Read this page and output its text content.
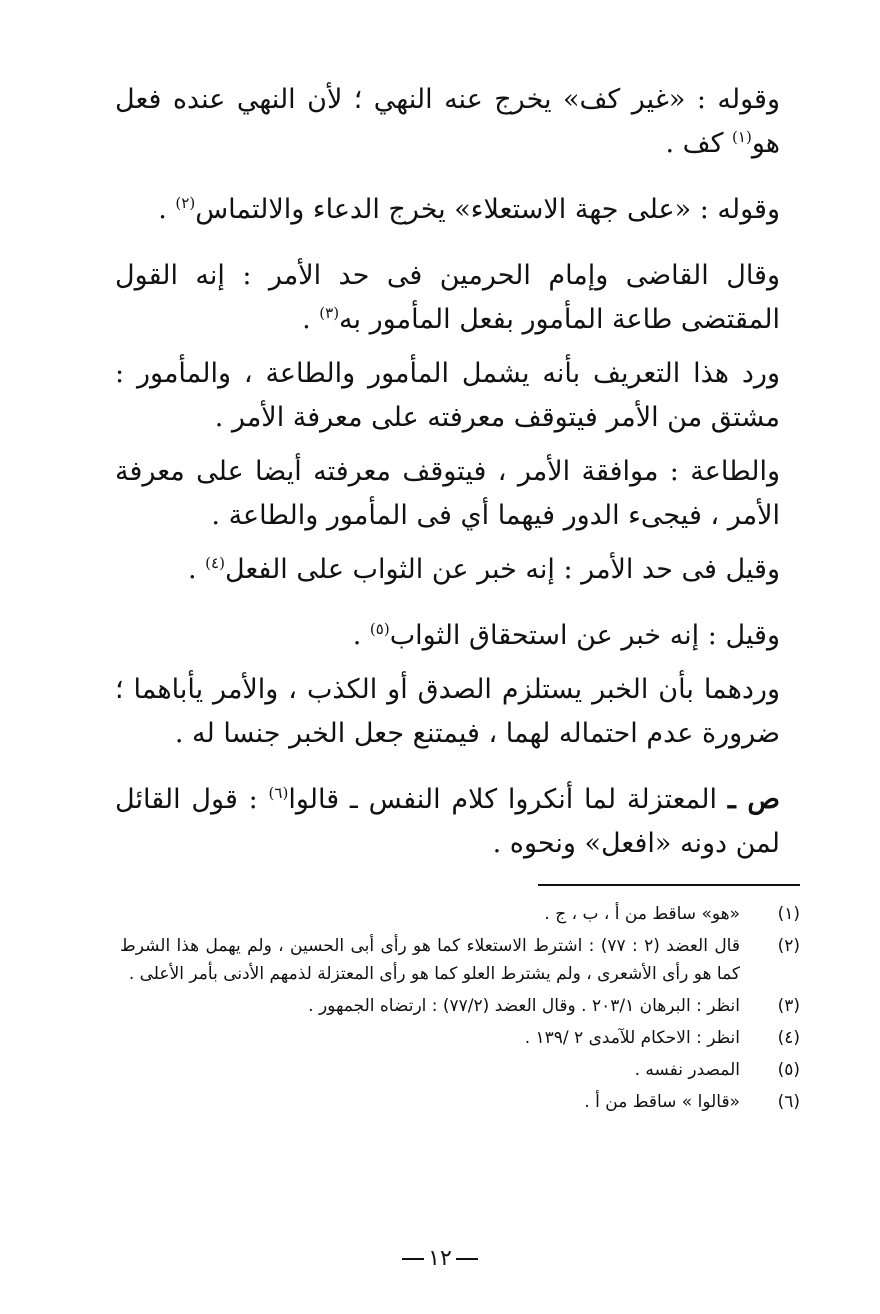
وقوله : «غير كف» يخرج عنه النهي ؛ لأن النهي عنده فعل هو$^{(١)}$ كف .

وقوله : «على جهة الاستعلاء» يخرج الدعاء والالتماس$^{(٢)}$ .

وقال القاضى وإمام الحرمين فى حد الأمر : إنه القول المقتضى طاعة المأمور بفعل المأمور به$^{(٣)}$ .

ورد هذا التعريف بأنه يشمل المأمور والطاعة ، والمأمور : مشتق من الأمر فيتوقف معرفته على معرفة الأمر .

والطاعة : موافقة الأمر ، فيتوقف معرفته أيضا على معرفة الأمر ، فيجىء الدور فيهما أي فى المأمور والطاعة .

وقيل فى حد الأمر : إنه خبر عن الثواب على الفعل$^{(٤)}$ .

وقيل : إنه خبر عن استحقاق الثواب$^{(٥)}$ .

وردهما بأن الخبر يستلزم الصدق أو الكذب ، والأمر يأباهما ؛ ضرورة عدم احتماله لهما ، فيمتنع جعل الخبر جنسا له .

ص ـ المعتزلة لما أنكروا كلام النفس ـ قالوا$^{(٦)}$ : قول القائل لمن دونه «افعل» ونحوه .

(١)
«هو» ساقط من أ ، ب ، ج .
(٢)
قال العضد (٢ : ٧٧) : اشترط الاستعلاء كما هو رأى أبى الحسين ، ولم يهمل هذا الشرط كما هو رأى الأشعرى ، ولم يشترط العلو كما هو رأى المعتزلة لذمهم الأدنى بأمر الأعلى .
(٣)
انظر : البرهان ٢٠٣/١ . وقال العضد (٧٧/٢) : ارتضاه الجمهور .
(٤)
انظر : الاحكام للآمدى ٢ /١٣٩ .
(٥)
المصدر نفسه .
(٦)
«قالوا » ساقط من أ .
١٢
